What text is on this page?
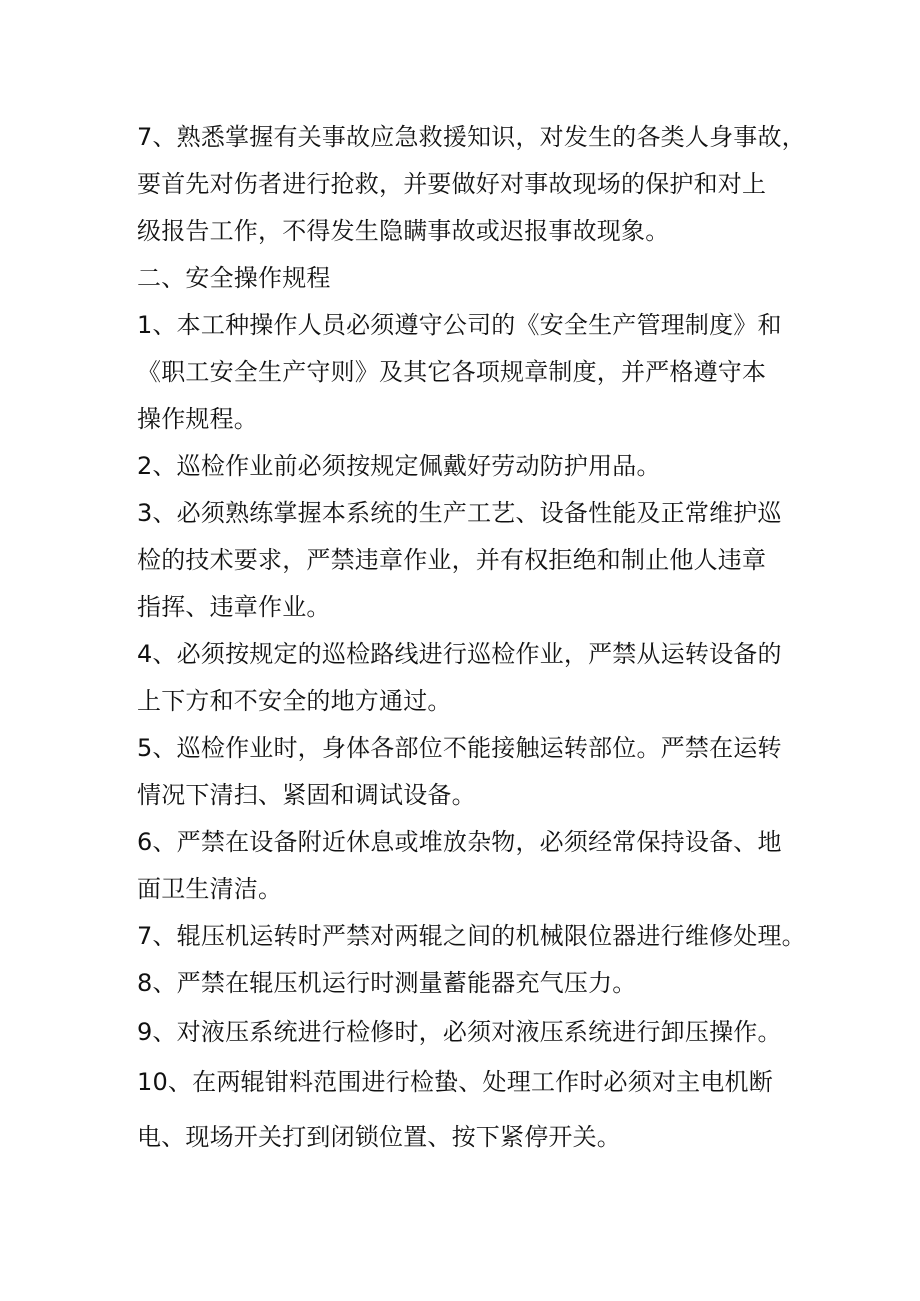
7、熟悉掌握有关事故应急救援知识，对发生的各类人身事故，

要首先对伤者进行抢救，并要做好对事故现场的保护和对上

级报告工作，不得发生隐瞒事故或迟报事故现象。

二、安全操作规程

1、本工种操作人员必须遵守公司的《安全生产管理制度》和

《职工安全生产守则》及其它各项规章制度，并严格遵守本

操作规程。

2、巡检作业前必须按规定佩戴好劳动防护用品。

3、必须熟练掌握本系统的生产工艺、设备性能及正常维护巡

检的技术要求，严禁违章作业，并有权拒绝和制止他人违章

指挥、违章作业。

4、必须按规定的巡检路线进行巡检作业，严禁从运转设备的

上下方和不安全的地方通过。

5、巡检作业时，身体各部位不能接触运转部位。严禁在运转

情况下清扫、紧固和调试设备。

6、严禁在设备附近休息或堆放杂物，必须经常保持设备、地

面卫生清洁。

7、辊压机运转时严禁对两辊之间的机械限位器进行维修处理。

8、严禁在辊压机运行时测量蓄能器充气压力。

9、对液压系统进行检修时，必须对液压系统进行卸压操作。

10、在两辊钳料范围进行检蛰、处理工作时必须对主电机断

电、现场开关打到闭锁位置、按下紧停开关。
